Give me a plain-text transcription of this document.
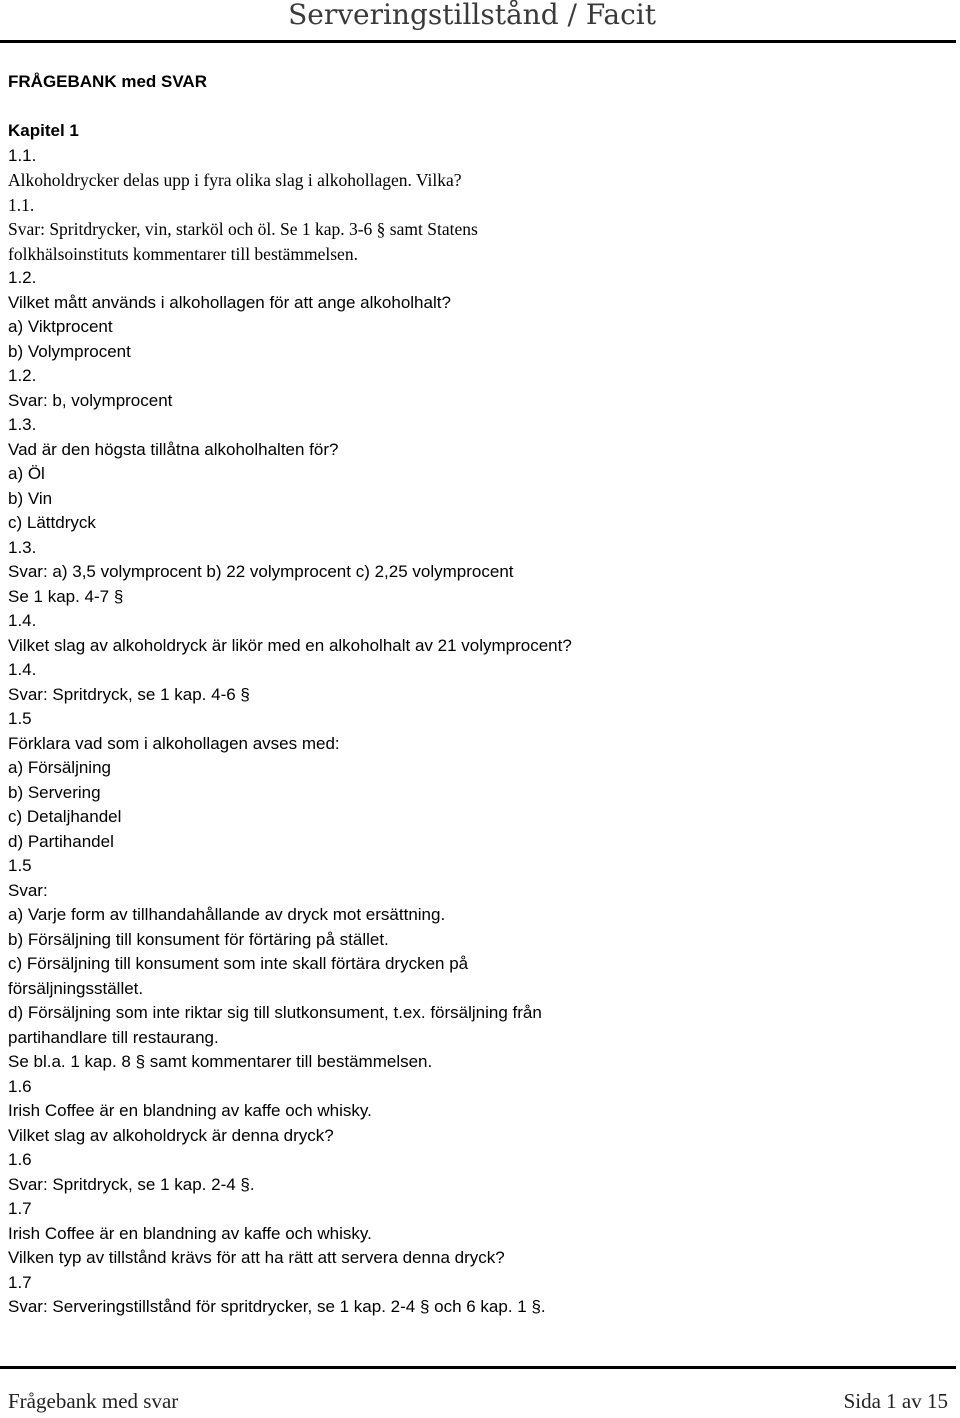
Serveringstillstånd / Facit
FRÅGEBANK med SVAR
Kapitel 1
1.1.
Alkoholdrycker delas upp i fyra olika slag i alkohollagen. Vilka?
1.1.
Svar: Spritdrycker, vin, starköl och öl. Se 1 kap. 3-6 § samt Statens
folkhälsoinstituts kommentarer till bestämmelsen.
1.2.
Vilket mått används i alkohollagen för att ange alkoholhalt?
a) Viktprocent
b) Volymprocent
1.2.
Svar: b, volymprocent
1.3.
Vad är den högsta tillåtna alkoholhalten för?
a) Öl
b) Vin
c) Lättdryck
1.3.
Svar: a) 3,5 volymprocent b) 22 volymprocent c) 2,25 volymprocent
Se 1 kap. 4-7 §
1.4.
Vilket slag av alkoholdryck är likör med en alkoholhalt av 21 volymprocent?
1.4.
Svar: Spritdryck, se 1 kap. 4-6 §
1.5
Förklara vad som i alkohollagen avses med:
a) Försäljning
b) Servering
c) Detaljhandel
d) Partihandel
1.5
Svar:
a) Varje form av tillhandahållande av dryck mot ersättning.
b) Försäljning till konsument för förtäring på stället.
c) Försäljning till konsument som inte skall förtära drycken på
försäljningsstället.
d) Försäljning som inte riktar sig till slutkonsument, t.ex. försäljning från
partihandlare till restaurang.
Se bl.a. 1 kap. 8 § samt kommentarer till bestämmelsen.
1.6
Irish Coffee är en blandning av kaffe och whisky.
Vilket slag av alkoholdryck är denna dryck?
1.6
Svar: Spritdryck, se 1 kap. 2-4 §.
1.7
Irish Coffee är en blandning av kaffe och whisky.
Vilken typ av tillstånd krävs för att ha rätt att servera denna dryck?
1.7
Svar: Serveringstillstånd för spritdrycker, se 1 kap. 2-4 § och 6 kap. 1 §.
Frågebank med svar	Sida 1 av 15
